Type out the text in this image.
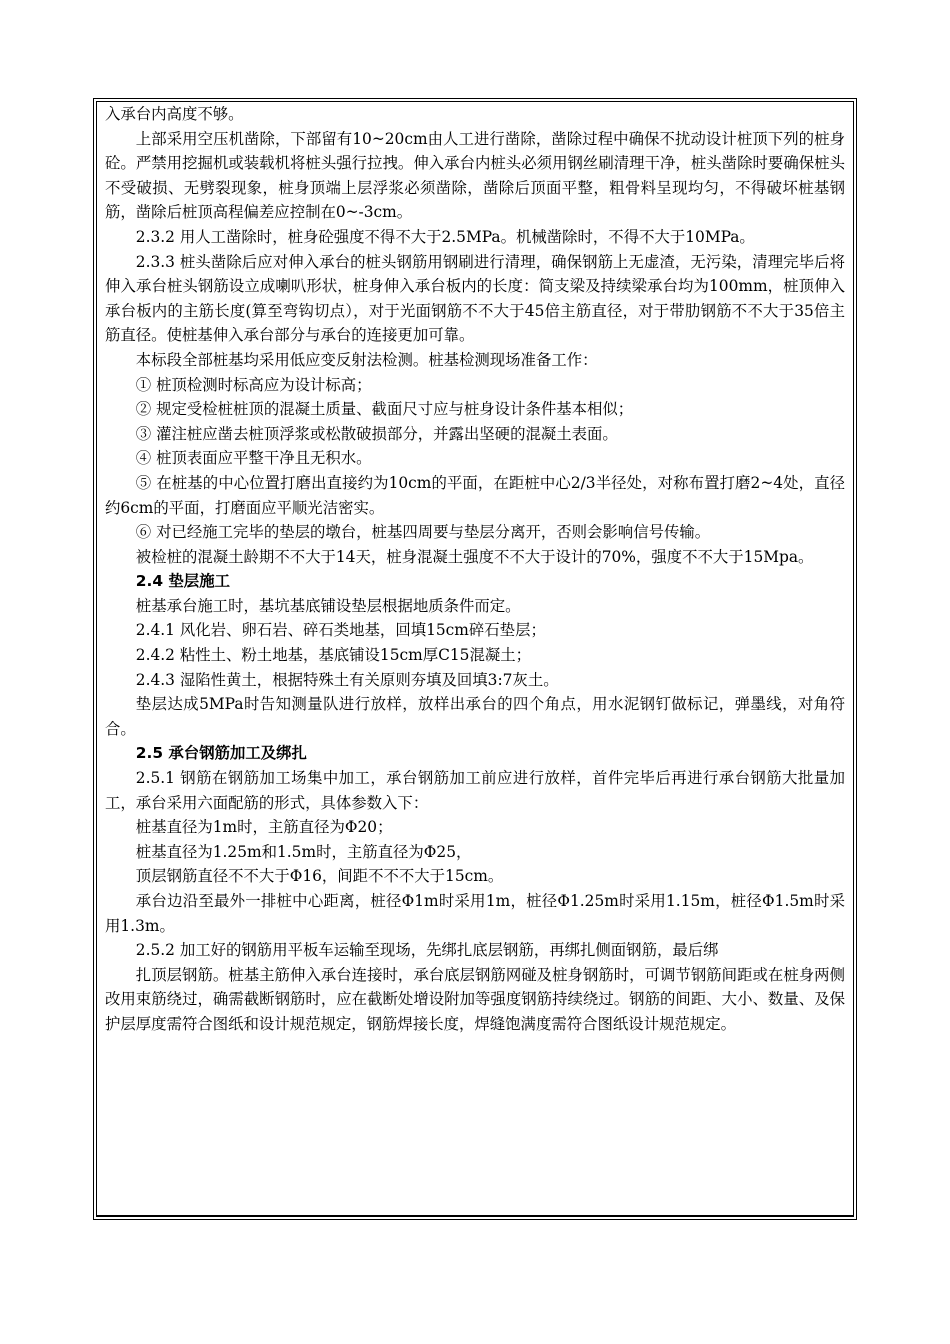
入承台内高度不够。

上部采用空压机凿除，下部留有10~20cm由人工进行凿除，凿除过程中确保不扰动设计桩顶下列的桩身砼。严禁用挖掘机或装载机将桩头强行拉拽。伸入承台内桩头必须用钢丝刷清理干净，桩头凿除时要确保桩头不受破损、无劈裂现象，桩身顶端上层浮浆必须凿除，凿除后顶面平整，粗骨料呈现均匀，不得破坏桩基钢筋，凿除后桩顶高程偏差应控制在0~-3cm。

2.3.2 用人工凿除时，桩身砼强度不得不大于2.5MPa。机械凿除时，不得不大于10MPa。

2.3.3 桩头凿除后应对伸入承台的桩头钢筋用钢刷进行清理，确保钢筋上无虚渣，无污染，清理完毕后将伸入承台桩头钢筋设立成喇叭形状，桩身伸入承台板内的长度：简支梁及持续梁承台均为100mm，桩顶伸入承台板内的主筋长度(算至弯钩切点），对于光面钢筋不不大于45倍主筋直径，对于带肋钢筋不不大于35倍主筋直径。使桩基伸入承台部分与承台的连接更加可靠。

本标段全部桩基均采用低应变反射法检测。桩基检测现场准备工作：

① 桩顶检测时标高应为设计标高；

② 规定受检桩桩顶的混凝土质量、截面尺寸应与桩身设计条件基本相似；

③ 灌注桩应凿去桩顶浮浆或松散破损部分，并露出坚硬的混凝土表面。

④ 桩顶表面应平整干净且无积水。

⑤ 在桩基的中心位置打磨出直接约为10cm的平面，在距桩中心2/3半径处，对称布置打磨2~4处，直径约6cm的平面，打磨面应平顺光洁密实。

⑥ 对已经施工完毕的垫层的墩台，桩基四周要与垫层分离开，否则会影响信号传输。

被检桩的混凝土龄期不不大于14天，桩身混凝土强度不不大于设计的70%，强度不不大于15Mpa。

2.4 垫层施工

桩基承台施工时，基坑基底铺设垫层根据地质条件而定。

2.4.1 风化岩、卵石岩、碎石类地基，回填15cm碎石垫层；

2.4.2 粘性土、粉土地基，基底铺设15cm厚C15混凝土；

2.4.3 湿陷性黄土，根据特殊土有关原则夯填及回填3:7灰土。

垫层达成5MPa时告知测量队进行放样，放样出承台的四个角点，用水泥钢钉做标记，弹墨线，对角符合。

2.5 承台钢筋加工及绑扎

2.5.1 钢筋在钢筋加工场集中加工，承台钢筋加工前应进行放样，首件完毕后再进行承台钢筋大批量加工，承台采用六面配筋的形式，具体参数入下：

桩基直径为1m时，主筋直径为Φ20；

桩基直径为1.25m和1.5m时，主筋直径为Φ25，

顶层钢筋直径不不大于Φ16，间距不不不大于15cm。

承台边沿至最外一排桩中心距离，桩径Φ1m时采用1m，桩径Φ1.25m时采用1.15m，桩径Φ1.5m时采用1.3m。

2.5.2 加工好的钢筋用平板车运输至现场，先绑扎底层钢筋，再绑扎侧面钢筋，最后绑

扎顶层钢筋。桩基主筋伸入承台连接时，承台底层钢筋网碰及桩身钢筋时，可调节钢筋间距或在桩身两侧改用束筋绕过，确需截断钢筋时，应在截断处增设附加等强度钢筋持续绕过。钢筋的间距、大小、数量、及保护层厚度需符合图纸和设计规范规定，钢筋焊接长度，焊缝饱满度需符合图纸设计规范规定。
